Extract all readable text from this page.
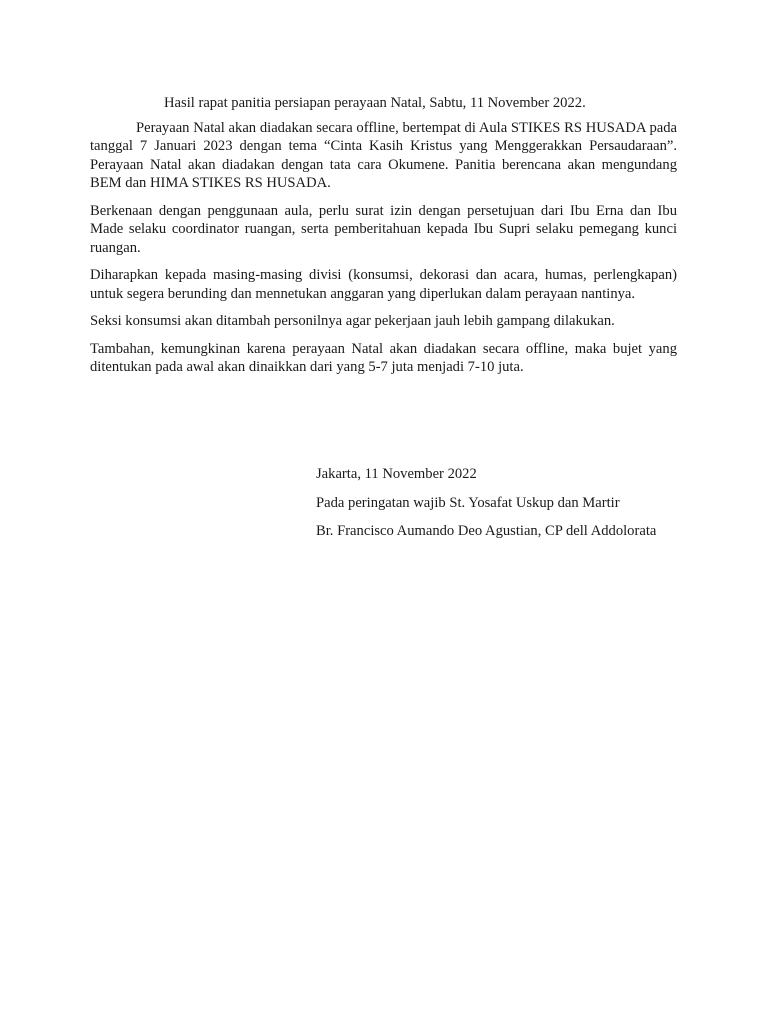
Hasil rapat panitia persiapan perayaan Natal, Sabtu, 11 November 2022.

Perayaan Natal akan diadakan secara offline, bertempat di Aula STIKES RS HUSADA pada tanggal 7 Januari 2023 dengan tema “Cinta Kasih Kristus yang Menggerakkan Persaudaraan”. Perayaan Natal akan diadakan dengan tata cara Okumene. Panitia berencana akan mengundang BEM dan HIMA STIKES RS HUSADA.

Berkenaan dengan penggunaan aula, perlu surat izin dengan persetujuan dari Ibu Erna dan Ibu Made selaku coordinator ruangan, serta pemberitahuan kepada Ibu Supri selaku pemegang kunci ruangan.

Diharapkan kepada masing-masing divisi (konsumsi, dekorasi dan acara, humas, perlengkapan) untuk segera berunding dan mennetukan anggaran yang diperlukan dalam perayaan nantinya.

Seksi konsumsi akan ditambah personilnya agar pekerjaan jauh lebih gampang dilakukan.

Tambahan, kemungkinan karena perayaan Natal akan diadakan secara offline, maka bujet yang ditentukan pada awal akan dinaikkan dari yang 5-7 juta menjadi 7-10 juta.

Jakarta, 11 November 2022

Pada peringatan wajib St. Yosafat Uskup dan Martir

Br. Francisco Aumando Deo Agustian, CP dell Addolorata
